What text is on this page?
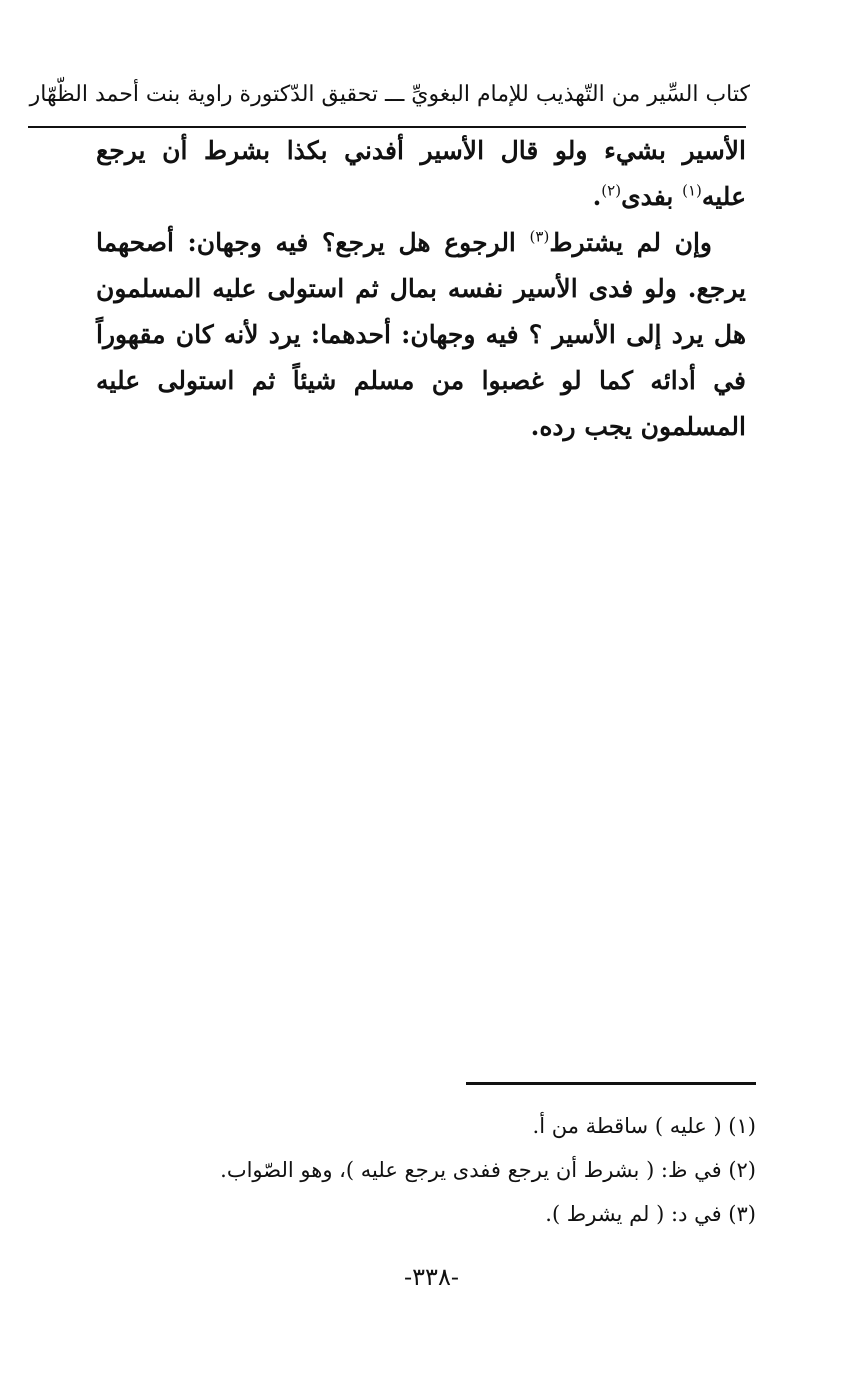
كتاب السِّير من التّهذيب للإمام البغويِّ ـــ تحقيق الدّكتورة راوية بنت أحمد الظّهّار

الأسير بشيء ولو قال الأسير أفدني بكذا بشرط أن يرجع عليه$^{(١)}$ بفدى$^{(٢)}$.

وإن لم يشترط$^{(٣)}$ الرجوع هل يرجع؟ فيه وجهان: أصحهما يرجع. ولو فدى الأسير نفسه بمال ثم استولى عليه المسلمون هل يرد إلى الأسير ؟ فيه وجهان: أحدهما: يرد لأنه كان مقهوراً في أدائه كما لو غصبوا من مسلم شيئاً ثم استولى عليه المسلمون يجب رده.

(١) ( عليه ) ساقطة من أ.

(٢) في ظ: ( بشرط أن يرجع ففدى يرجع عليه )، وهو الصّواب.

(٣) في د: ( لم يشرط ).

-٣٣٨-
